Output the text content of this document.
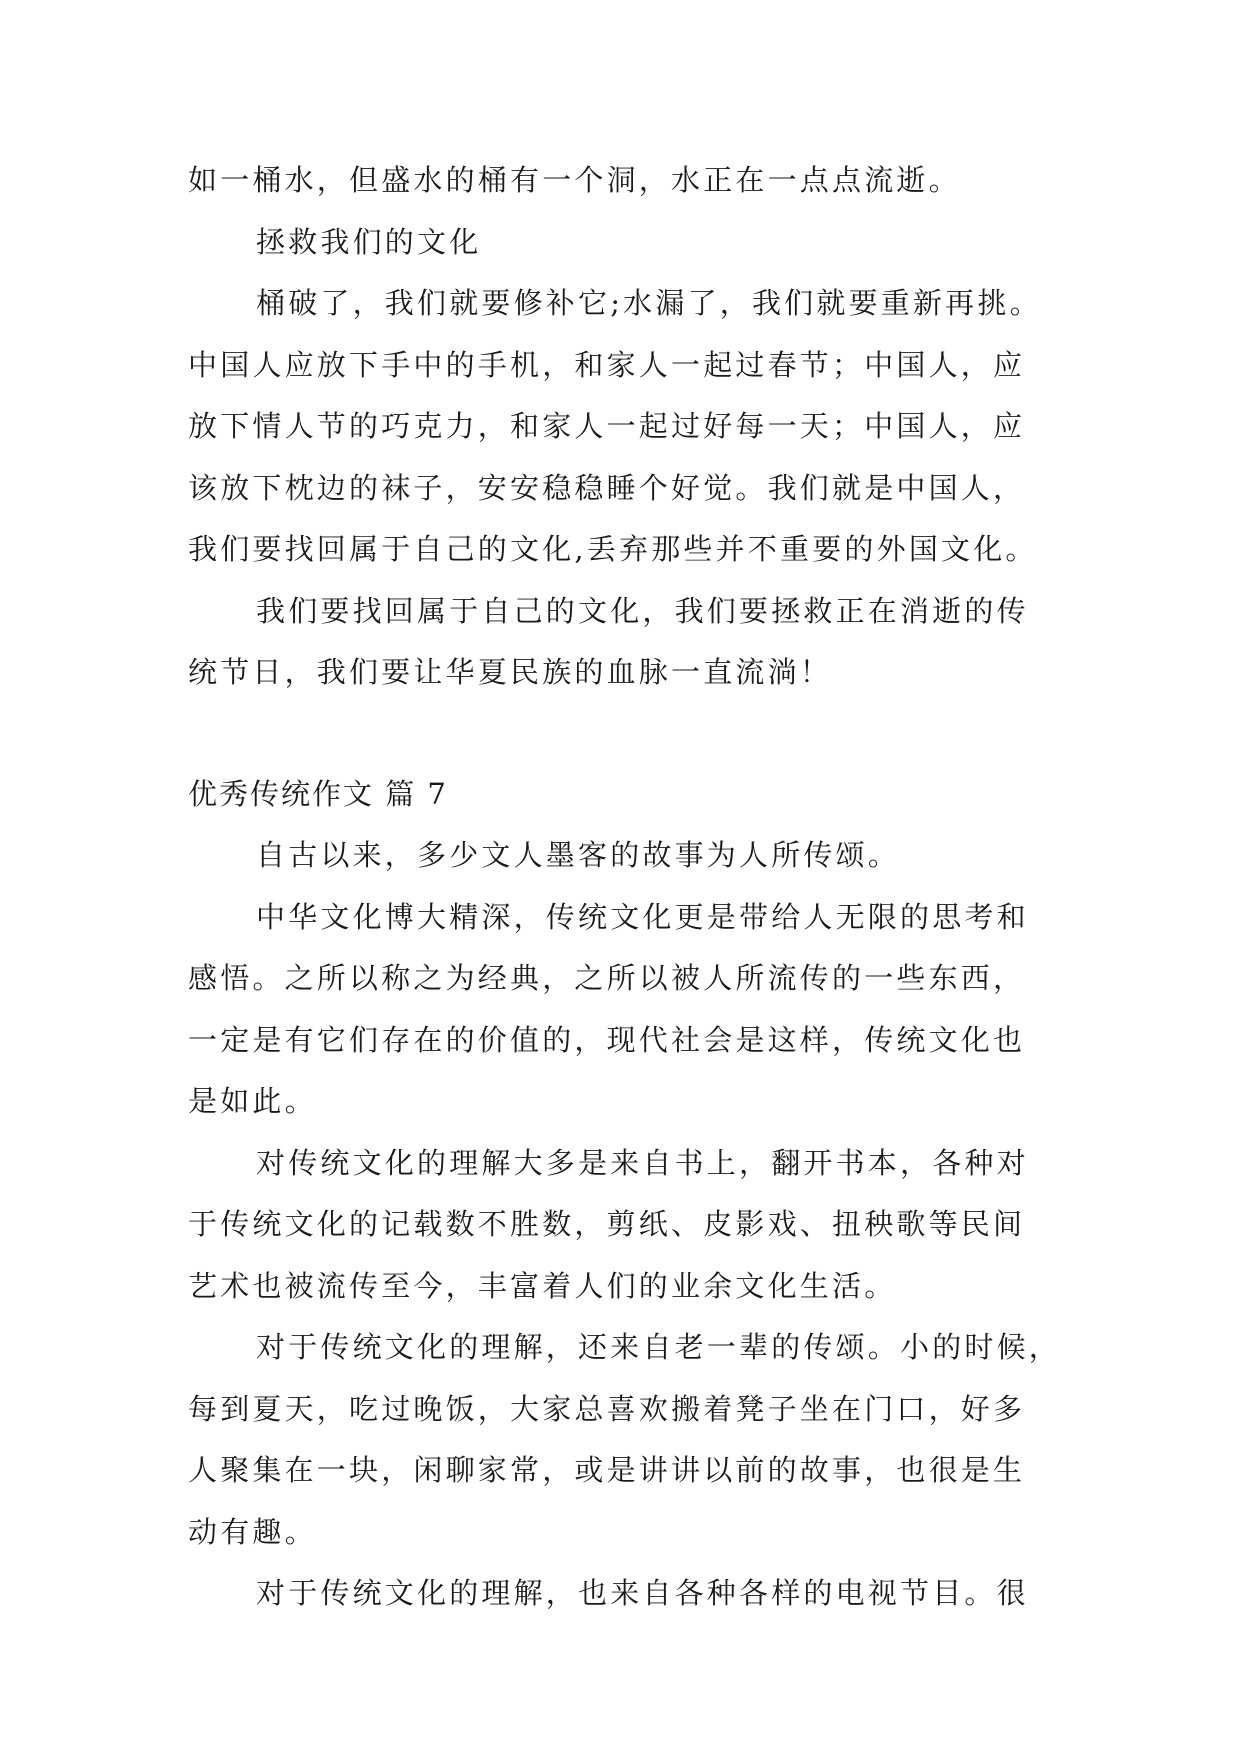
如一桶水，但盛水的桶有一个洞，水正在一点点流逝。
拯救我们的文化
桶破了，我们就要修补它;水漏了，我们就要重新再挑。
中国人应放下手中的手机，和家人一起过春节；中国人，应
放下情人节的巧克力，和家人一起过好每一天；中国人，应
该放下枕边的袜子，安安稳稳睡个好觉。我们就是中国人，
我们要找回属于自己的文化,丢弃那些并不重要的外国文化。
我们要找回属于自己的文化，我们要拯救正在消逝的传
统节日，我们要让华夏民族的血脉一直流淌！
优秀传统作文 篇 7
自古以来，多少文人墨客的故事为人所传颂。
中华文化博大精深，传统文化更是带给人无限的思考和
感悟。之所以称之为经典，之所以被人所流传的一些东西，
一定是有它们存在的价值的，现代社会是这样，传统文化也
是如此。
对传统文化的理解大多是来自书上，翻开书本，各种对
于传统文化的记载数不胜数，剪纸、皮影戏、扭秧歌等民间
艺术也被流传至今，丰富着人们的业余文化生活。
对于传统文化的理解，还来自老一辈的传颂。小的时候，
每到夏天，吃过晚饭，大家总喜欢搬着凳子坐在门口，好多
人聚集在一块，闲聊家常，或是讲讲以前的故事，也很是生
动有趣。
对于传统文化的理解，也来自各种各样的电视节目。很
